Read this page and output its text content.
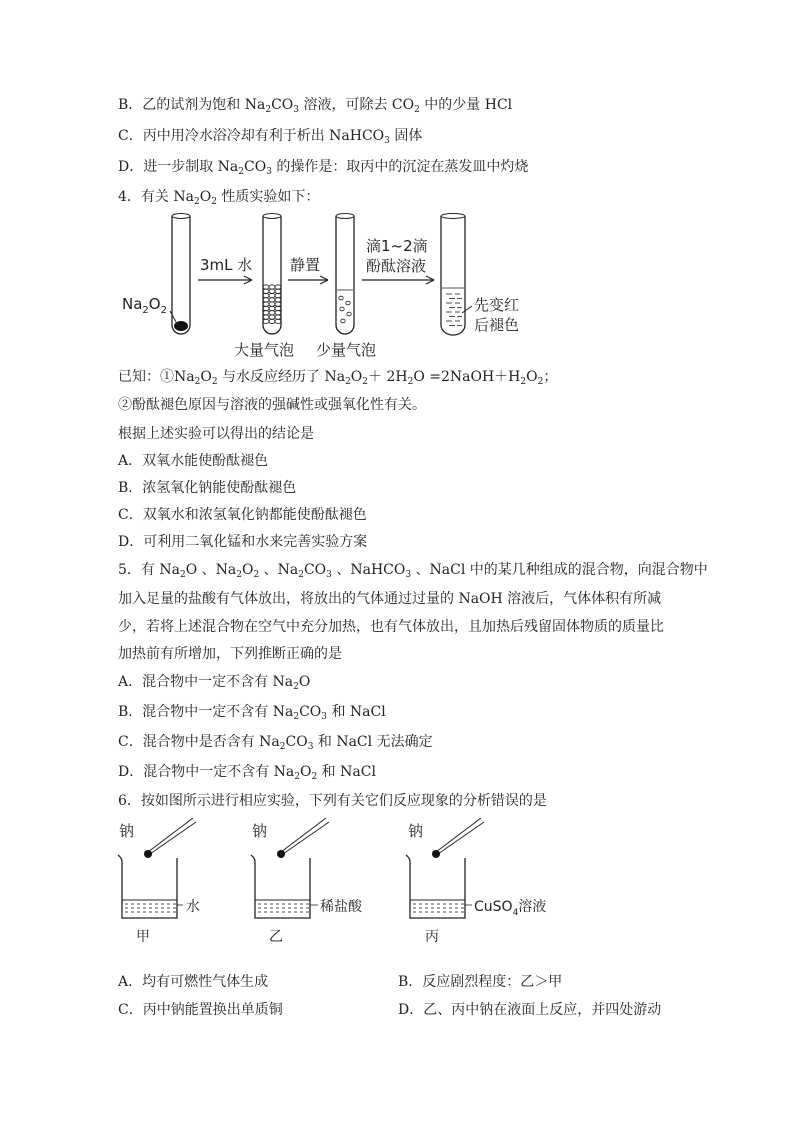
B．乙的试剂为饱和 $Na_2CO_3$ 溶液，可除去 $CO_2$ 中的少量 HCl
C．丙中用冷水浴冷却有利于析出 NaHCO$_3$ 固体
D．进一步制取 $Na_2CO_3$ 的操作是：取丙中的沉淀在蒸发皿中灼烧
4．有关 $Na_2O_2$ 性质实验如下：
$Na_2O_2$
3mL 水	静置
滴1~2滴
酚酞溶液
先变红
后褪色
大量气泡 少量气泡
已知：$①Na_2O_2$ 与水反应经历了 $Na_2O_2+ 2H_2O$ $=2NaOH+H_2O_2$；
②酚酞褪色原因与溶液的强碱性或强氧化性有关。
根据上述实验可以得出的结论是
A．双氧水能使酚酞褪色
B．浓氢氧化钠能使酚酞褪色
C．双氧水和浓氢氧化钠都能使酚酞褪色
D．可利用二氧化锰和水来完善实验方案
5．有 $Na_2O$ 、$Na_2O_2$ 、$Na_2CO_3$ 、NaHCO$_3$ 、NaCl 中的某几种组成的混合物，向混合物中
加入足量的盐酸有气体放出，将放出的气体通过过量的 NaOH 溶液后，气体体积有所减
少，若将上述混合物在空气中充分加热，也有气体放出，且加热后残留固体物质的质量比
加热前有所增加，下列推断正确的是
A．混合物中一定不含有 $Na_2O$
B．混合物中一定不含有 $Na_2CO_3$ 和 NaCl
C．混合物中是否含有 $Na_2CO_3$ 和 NaCl 无法确定
D．混合物中一定不含有 $Na_2O_2$ 和 NaCl
6．按如图所示进行相应实验，下列有关它们反应现象的分析错误的是
钠	钠	钠
水	稀盐酸	CuSO$_4$溶液
甲	乙	丙
A．均有可燃性气体生成	B．反应剧烈程度：乙＞甲
C．丙中钠能置换出单质铜	D．乙、丙中钠在液面上反应，并四处游动
